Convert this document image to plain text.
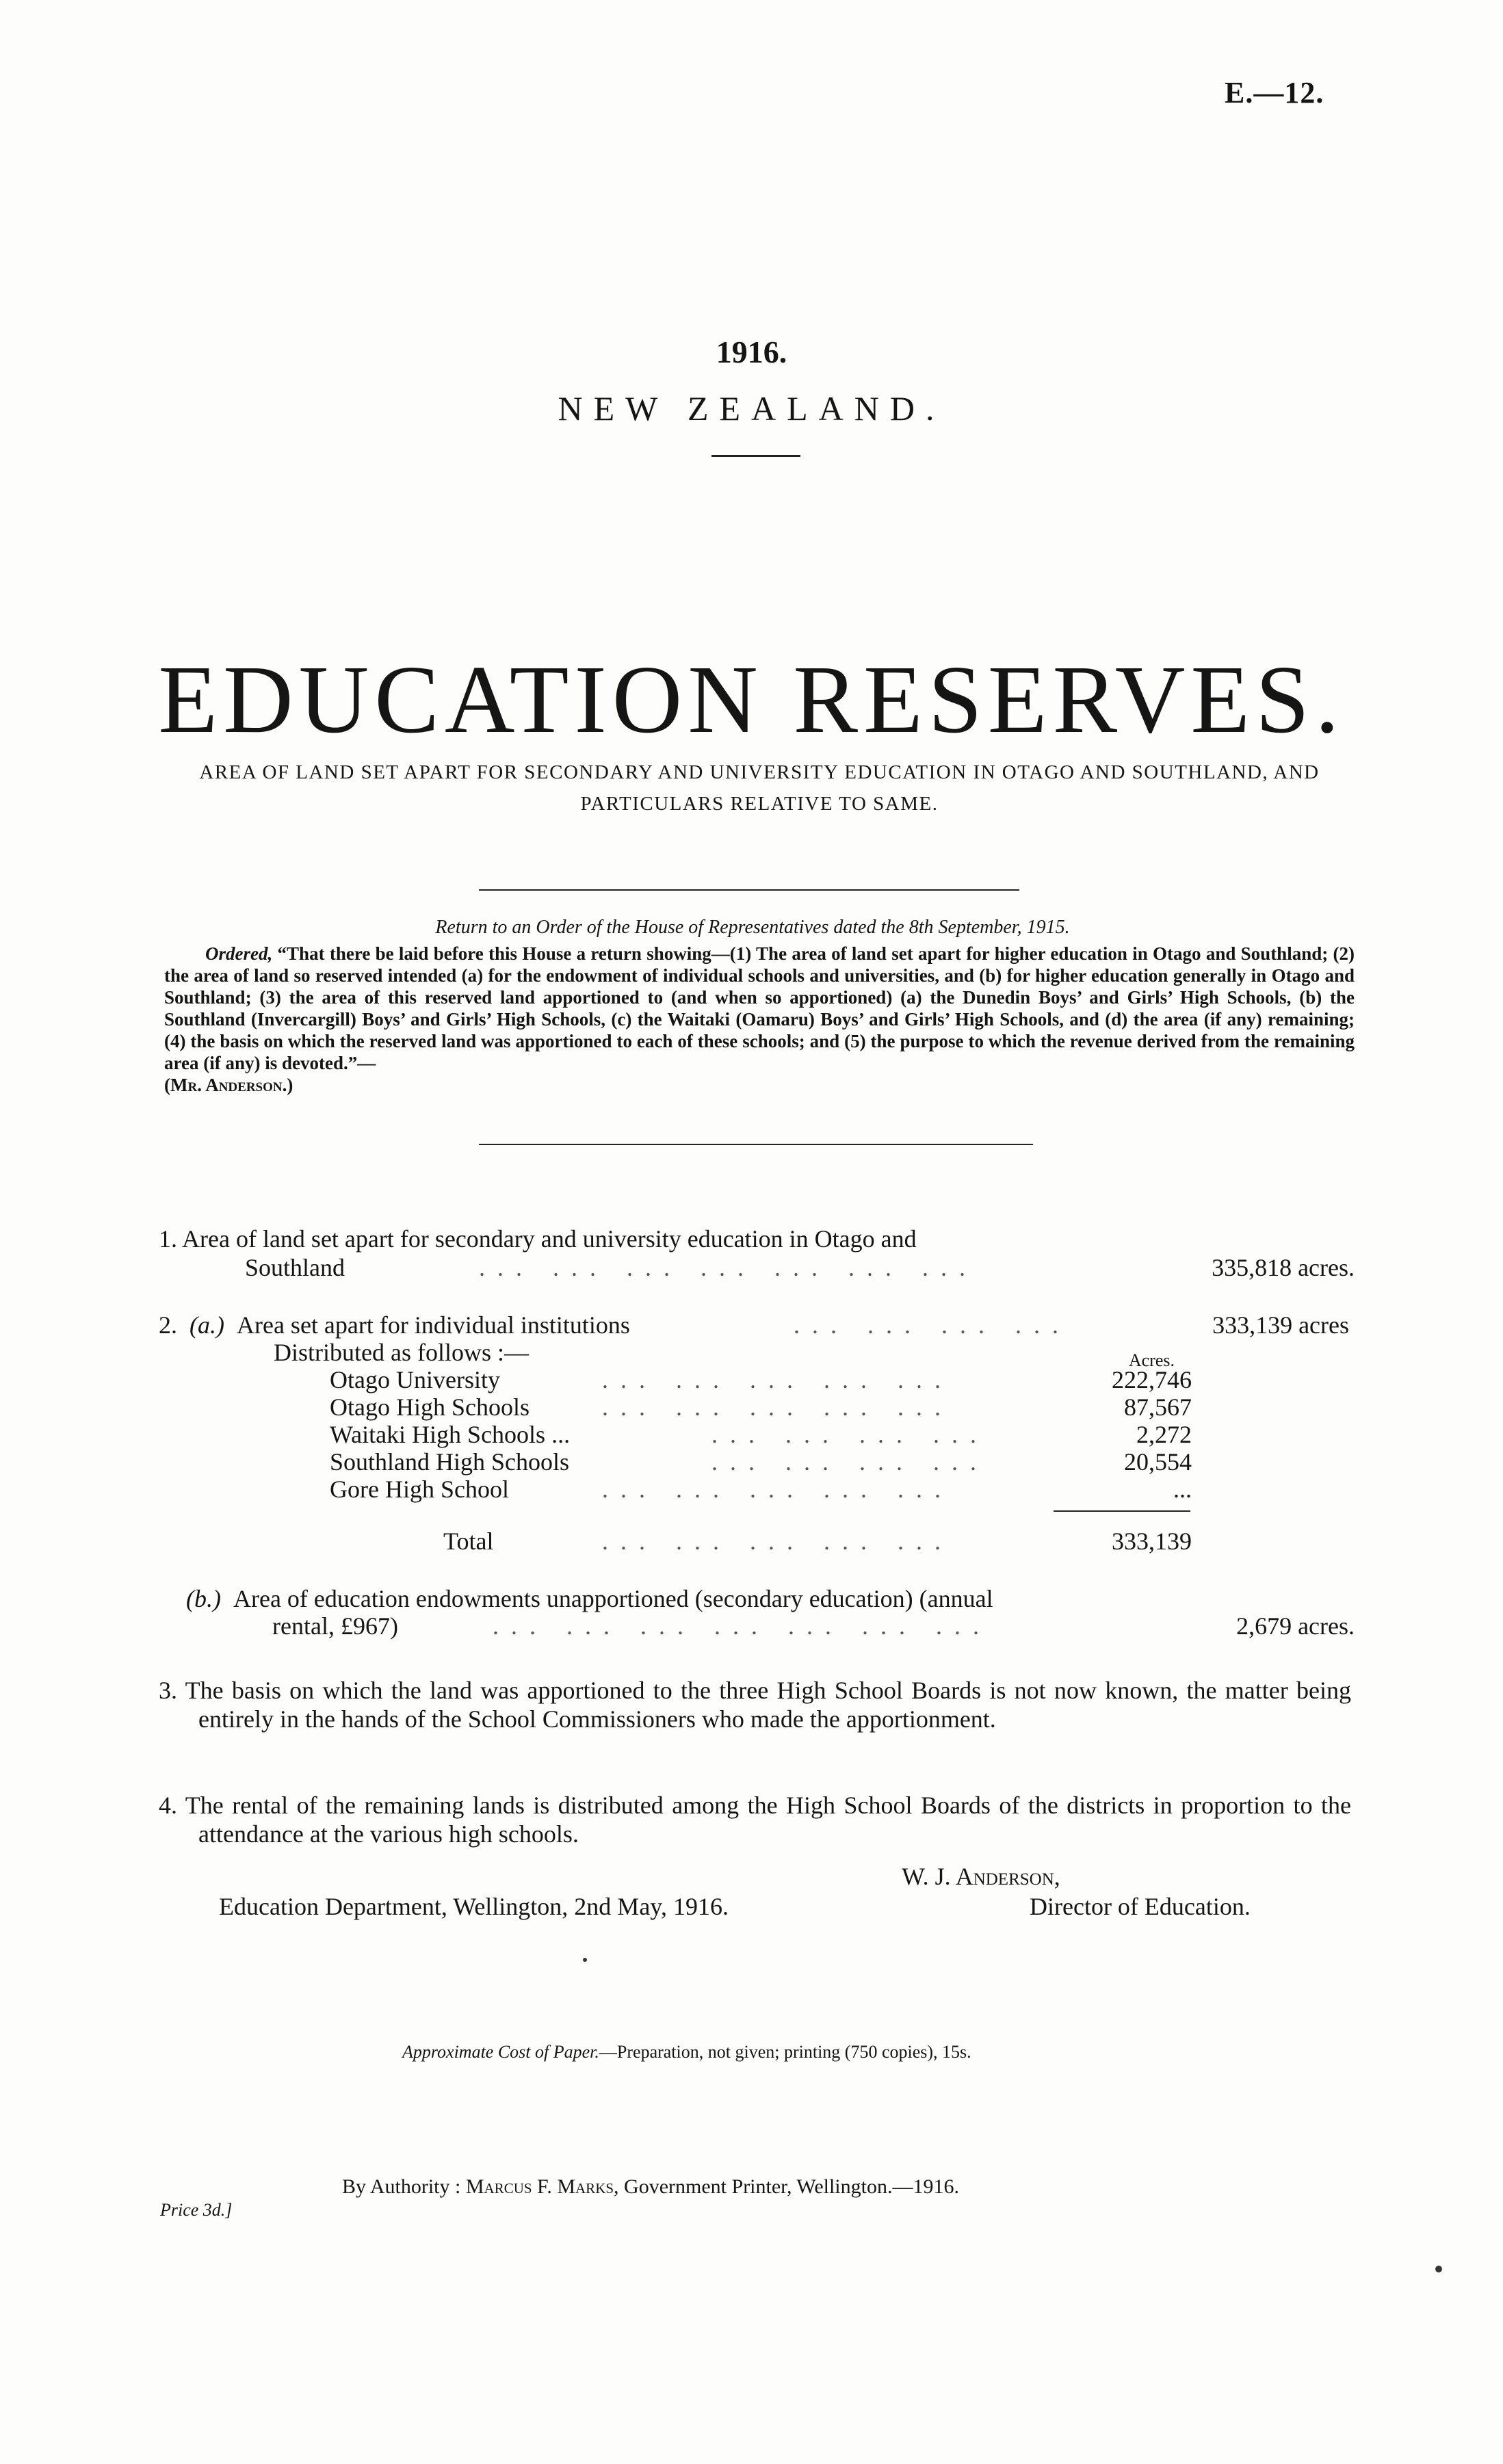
E.—12.
1916.
NEW ZEALAND.
EDUCATION RESERVES.
AREA OF LAND SET APART FOR SECONDARY AND UNIVERSITY EDUCATION IN OTAGO AND SOUTHLAND, AND PARTICULARS RELATIVE TO SAME.
Return to an Order of the House of Representatives dated the 8th September, 1915.
Ordered, “That there be laid before this House a return showing—(1) The area of land set apart for higher education in Otago and Southland; (2) the area of land so reserved intended (a) for the endowment of individual schools and universities, and (b) for higher education generally in Otago and Southland; (3) the area of this reserved land apportioned to (and when so apportioned) (a) the Dunedin Boys’ and Girls’ High Schools, (b) the Southland (Invercargill) Boys’ and Girls’ High Schools, (c) the Waitaki (Oamaru) Boys’ and Girls’ High Schools, and (d) the area (if any) remaining; (4) the basis on which the reserved land was apportioned to each of these schools; and (5) the purpose to which the revenue derived from the remaining area (if any) is devoted.”—
(Mr. Anderson.)
1. Area of land set apart for secondary and university education in Otago and
Southland	... ... ... ... ... ... ...	335,818 acres.
2. (a.) Area set apart for individual institutions	... ... ... ...	333,139 acres
Distributed as follows :—	Acres.
Otago University	... ... ... ... ...	222,746
Otago High Schools	... ... ... ... ...	87,567
Waitaki High Schools ...	... ... ... ...	2,272
Southland High Schools	... ... ... ...	20,554
Gore High School	... ... ... ... ...	...
Total	... ... ... ... ...	333,139
(b.) Area of education endowments unapportioned (secondary education) (annual
rental, £967)	... ... ... ... ... ... ...	2,679 acres.
3. The basis on which the land was apportioned to the three High School Boards is not now known, the matter being entirely in the hands of the School Commissioners who made the apportionment.
4. The rental of the remaining lands is distributed among the High School Boards of the districts in proportion to the attendance at the various high schools.
W. J. Anderson,
Education Department, Wellington, 2nd May, 1916.	Director of Education.
Approximate Cost of Paper.—Preparation, not given; printing (750 copies), 15s.
By Authority : Marcus F. Marks, Government Printer, Wellington.—1916.
Price 3d.]
